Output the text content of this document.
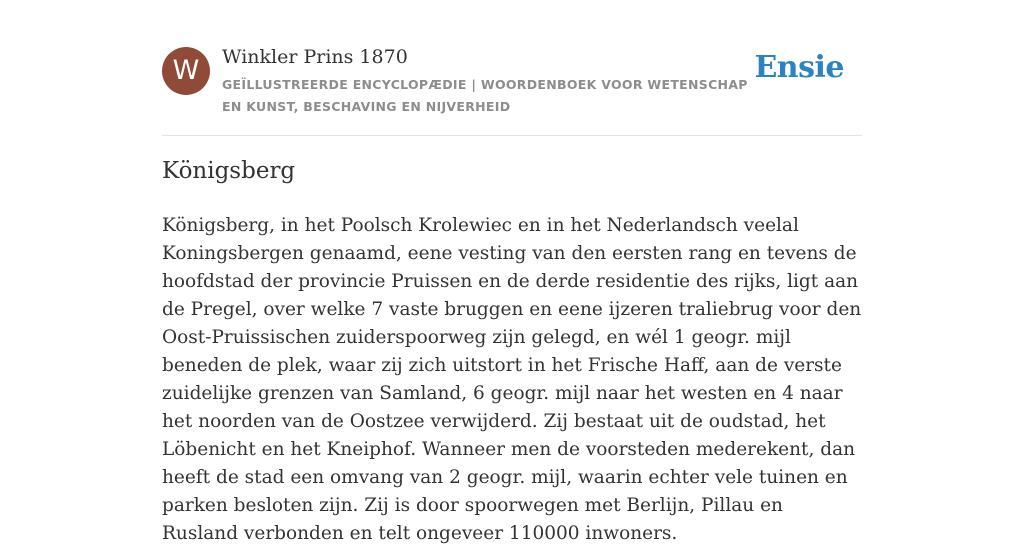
W	Winkler Prins 1870
GEÏLLUSTREERDE ENCYCLOPÆDIE | WOORDENBOEK VOOR WETENSCHAP EN KUNST, BESCHAVING EN NIJVERHEID
Ensie
Königsberg

Königsberg, in het Poolsch Krolewiec en in het Nederlandsch veelal Koningsbergen genaamd, eene vesting van den eersten rang en tevens de hoofdstad der provincie Pruissen en de derde residentie des rijks, ligt aan de Pregel, over welke 7 vaste bruggen en eene ijzeren traliebrug voor den Oost-Pruissischen zuiderspoorweg zijn gelegd, en wél 1 geogr. mijl beneden de plek, waar zij zich uitstort in het Frische Haff, aan de verste zuidelijke grenzen van Samland, 6 geogr. mijl naar het westen en 4 naar het noorden van de Oostzee verwijderd. Zij bestaat uit de oudstad, het Löbenicht en het Kneiphof. Wanneer men de voorsteden mederekent, dan heeft de stad een omvang van 2 geogr. mijl, waarin echter vele tuinen en parken besloten zijn. Zij is door spoorwegen met Berlijn, Pillau en Rusland verbonden en telt ongeveer 110000 inwoners.
